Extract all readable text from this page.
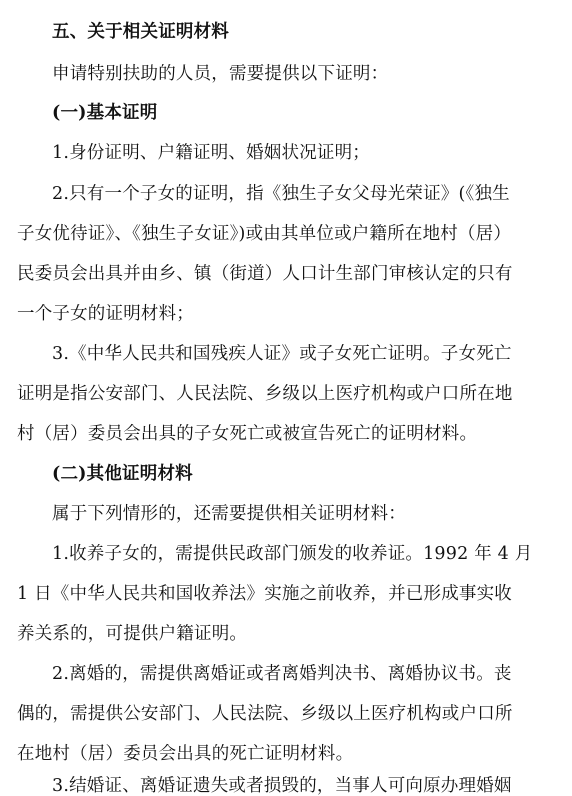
五、关于相关证明材料
申请特别扶助的人员，需要提供以下证明：
(一)基本证明
1.身份证明、户籍证明、婚姻状况证明；
2.只有一个子女的证明，指《独生子女父母光荣证》(《独生
子女优待证》、《独生子女证》)或由其单位或户籍所在地村（居）
民委员会出具并由乡、镇（街道）人口计生部门审核认定的只有
一个子女的证明材料；
3.《中华人民共和国残疾人证》或子女死亡证明。子女死亡
证明是指公安部门、人民法院、乡级以上医疗机构或户口所在地
村（居）委员会出具的子女死亡或被宣告死亡的证明材料。
(二)其他证明材料
属于下列情形的，还需要提供相关证明材料：
1.收养子女的，需提供民政部门颁发的收养证。1992 年 4 月
1 日《中华人民共和国收养法》实施之前收养，并已形成事实收
养关系的，可提供户籍证明。
2.离婚的，需提供离婚证或者离婚判决书、离婚协议书。丧
偶的，需提供公安部门、人民法院、乡级以上医疗机构或户口所
在地村（居）委员会出具的死亡证明材料。
3.结婚证、离婚证遗失或者损毁的，当事人可向原办理婚姻
